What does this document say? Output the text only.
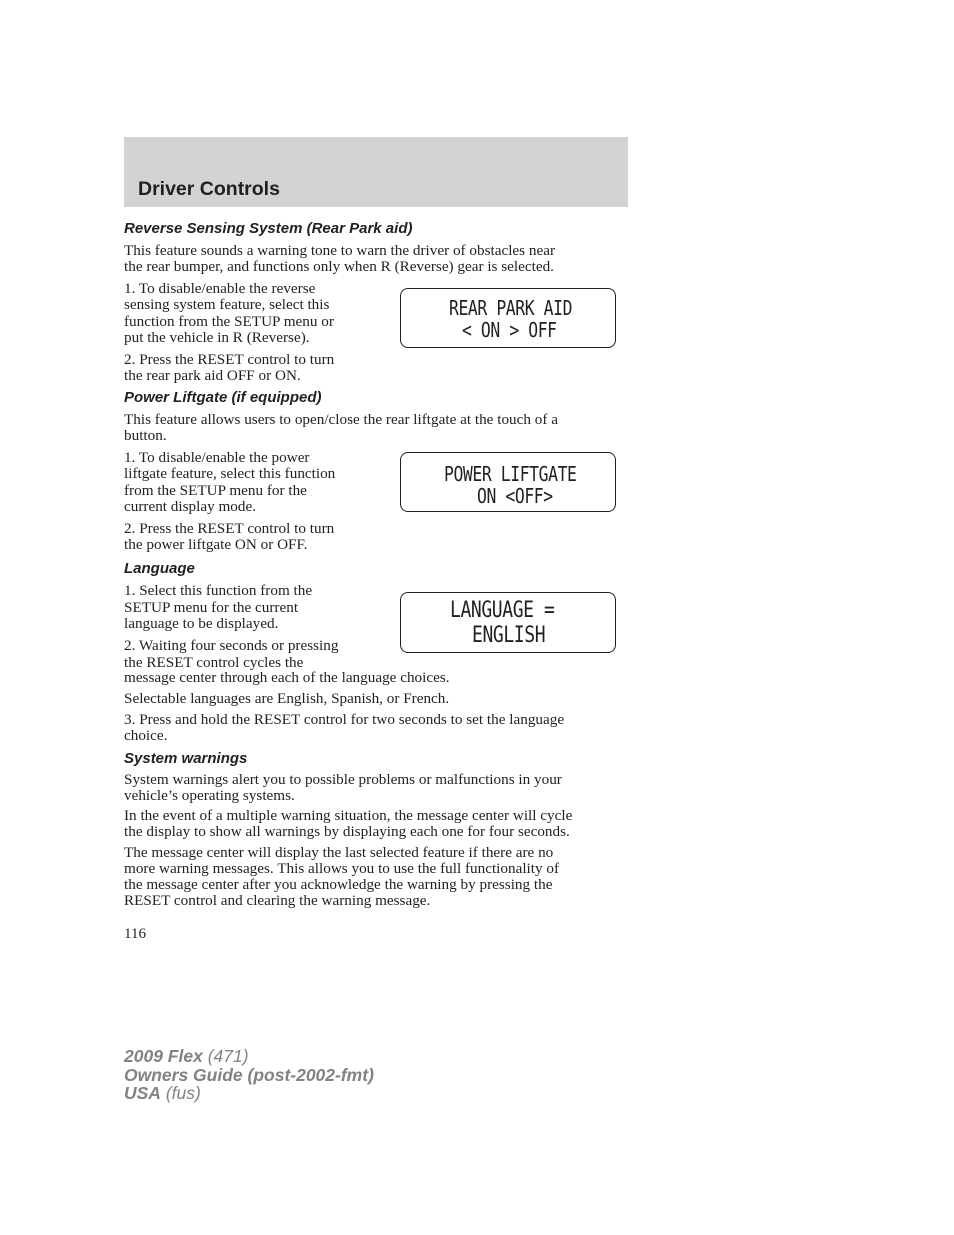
Driver Controls
Reverse Sensing System (Rear Park aid)

This feature sounds a warning tone to warn the driver of obstacles near

the rear bumper, and functions only when R (Reverse) gear is selected.

1. To disable/enable the reverse

sensing system feature, select this

function from the SETUP menu or

put the vehicle in R (Reverse).

2. Press the RESET control to turn

the rear park aid OFF or ON.

REAR PARK AID

< ON > OFF

Power Liftgate (if equipped)

This feature allows users to open/close the rear liftgate at the touch of a

button.

1. To disable/enable the power

liftgate feature, select this function

from the SETUP menu for the

current display mode.

2. Press the RESET control to turn

the power liftgate ON or OFF.

POWER LIFTGATE

ON <OFF>

Language

1. Select this function from the

SETUP menu for the current

language to be displayed.

2. Waiting four seconds or pressing

the RESET control cycles the

message center through each of the language choices.

Selectable languages are English, Spanish, or French.

3. Press and hold the RESET control for two seconds to set the language

choice.

LANGUAGE =

ENGLISH

System warnings

System warnings alert you to possible problems or malfunctions in your

vehicle’s operating systems.

In the event of a multiple warning situation, the message center will cycle

the display to show all warnings by displaying each one for four seconds.

The message center will display the last selected feature if there are no

more warning messages. This allows you to use the full functionality of

the message center after you acknowledge the warning by pressing the

RESET control and clearing the warning message.

116

2009 Flex (471)

Owners Guide (post-2002-fmt)

USA (fus)
